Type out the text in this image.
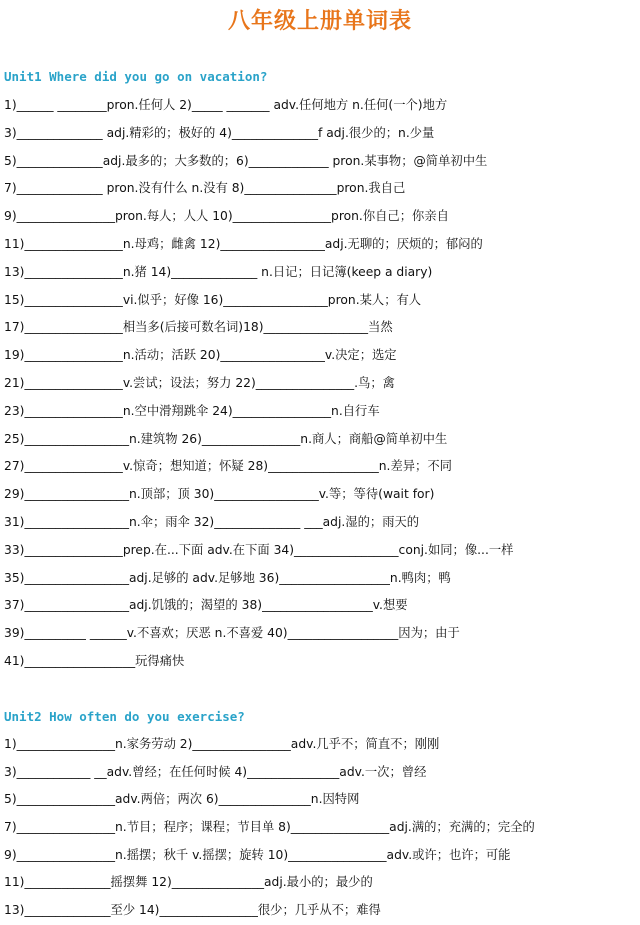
八年级上册单词表
Unit1 Where did you go on vacation?
1)______ ________pron.任何人 2)_____ _______ adv.任何地方 n.任何(一个)地方
3)______________ adj.精彩的；极好的 4)______________f adj.很少的；n.少量
5)______________adj.最多的；大多数的；6)_____________ pron.某事物；@简单初中生
7)______________ pron.没有什么 n.没有 8)_______________pron.我自己
9)________________pron.每人；人人 10)________________pron.你自己；你亲自
11)________________n.母鸡；雌禽 12)_________________adj.无聊的；厌烦的；郁闷的
13)________________n.猪 14)______________ n.日记；日记簿(keep a diary)
15)________________vi.似乎；好像 16)_________________pron.某人；有人
17)________________相当多(后接可数名词)18)_________________当然
19)________________n.活动；活跃 20)_________________v.决定；选定
21)________________v.尝试；设法；努力 22)________________.鸟；禽
23)________________n.空中滑翔跳伞 24)________________n.自行车
25)_________________n.建筑物 26)________________n.商人；商船@简单初中生
27)________________v.惊奇；想知道；怀疑 28)__________________n.差异；不同
29)_________________n.顶部；顶 30)_________________v.等；等待(wait for)
31)_________________n.伞；雨伞 32)______________ ___adj.湿的；雨天的
33)________________prep.在...下面 adv.在下面 34)_________________conj.如同；像...一样
35)_________________adj.足够的 adv.足够地 36)__________________n.鸭肉；鸭
37)_________________adj.饥饿的；渴望的 38)__________________v.想要
39)__________ ______v.不喜欢；厌恶 n.不喜爱 40)__________________因为；由于
41)__________________玩得痛快
Unit2 How often do you exercise?
1)________________n.家务劳动 2)________________adv.几乎不；简直不；刚刚
3)____________ __adv.曾经；在任何时候 4)_______________adv.一次；曾经
5)________________adv.两倍；两次 6)_______________n.因特网
7)________________n.节目；程序；课程；节目单 8)________________adj.满的；充满的；完全的
9)________________n.摇摆；秋千 v.摇摆；旋转 10)________________adv.或许；也许；可能
11)______________摇摆舞 12)_______________adj.最小的；最少的
13)______________至少 14)________________很少；几乎从不；难得
